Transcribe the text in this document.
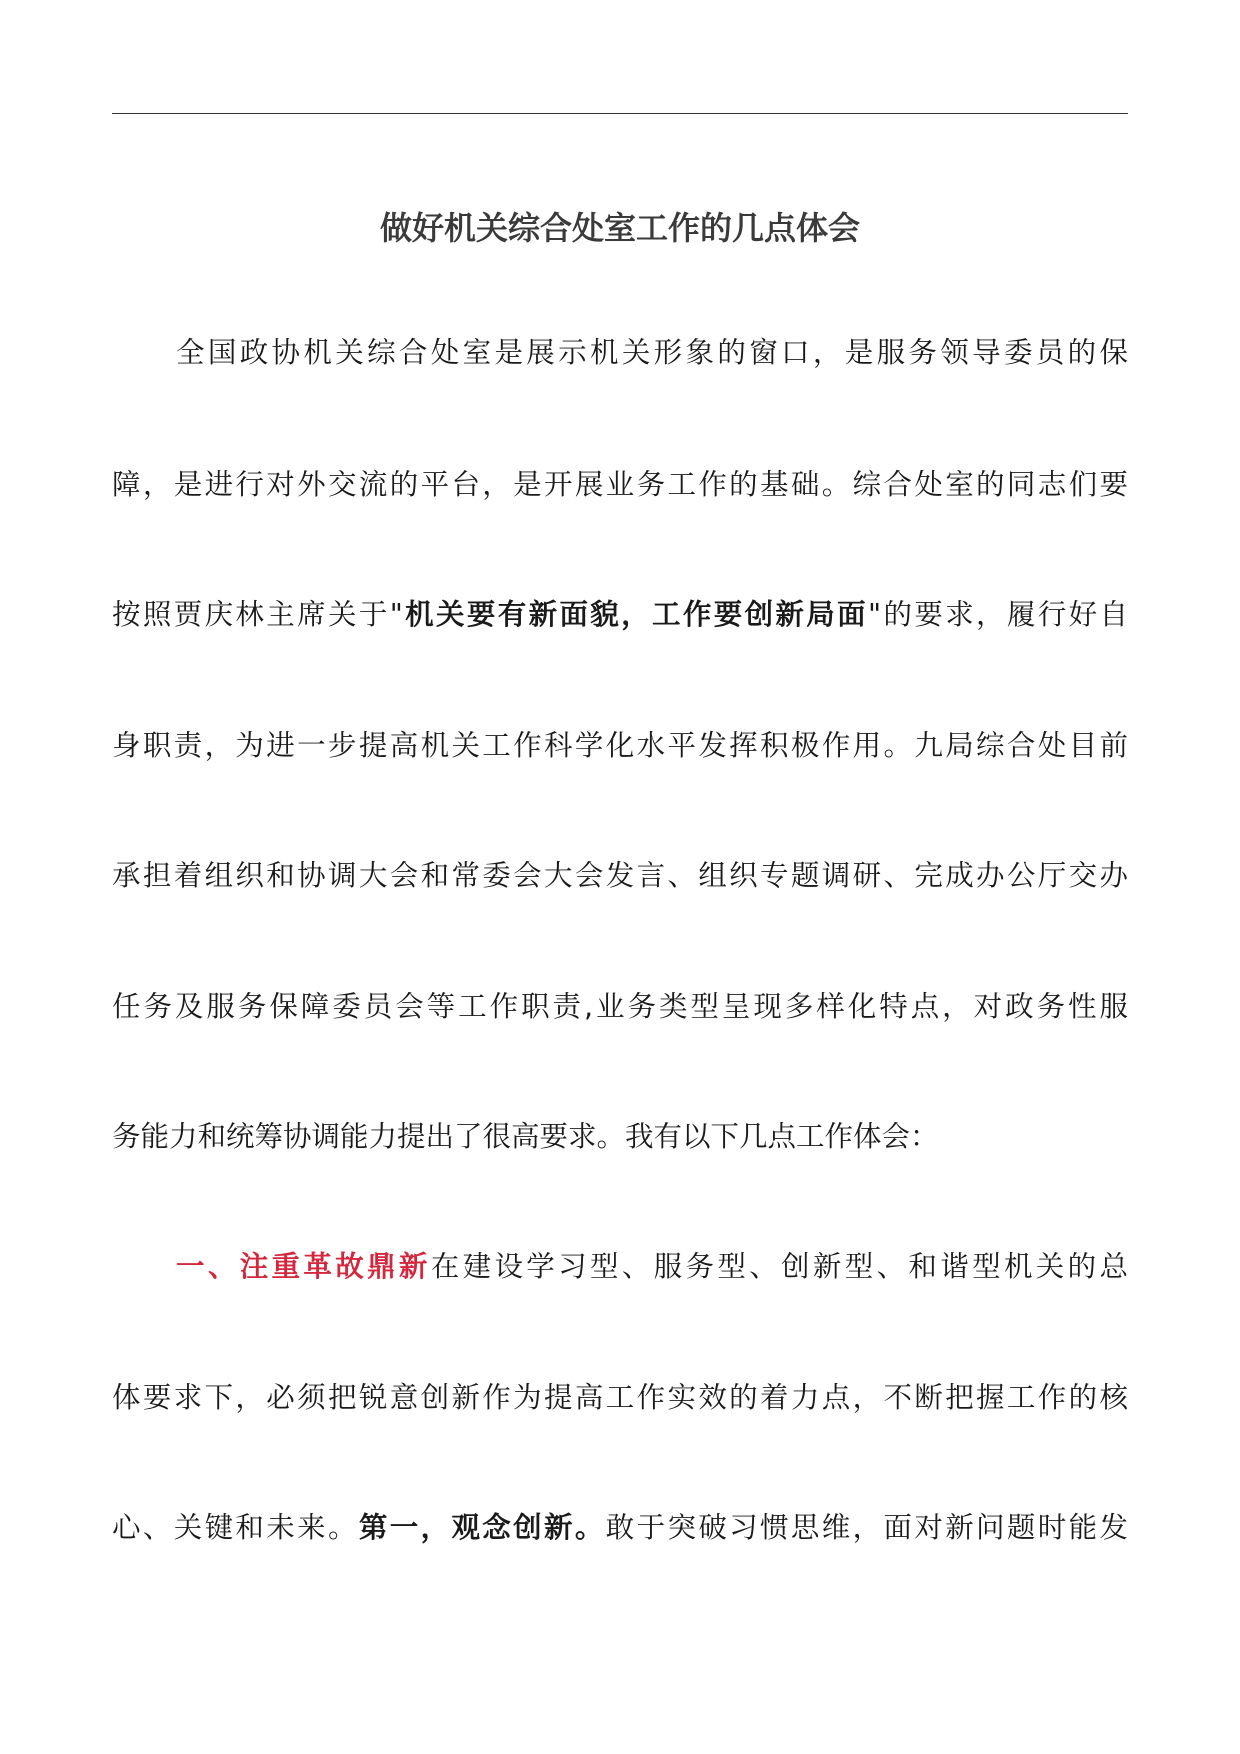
做好机关综合处室工作的几点体会
全国政协机关综合处室是展示机关形象的窗口，是服务领导委员的保
障，是进行对外交流的平台，是开展业务工作的基础。综合处室的同志们要
按照贾庆林主席关于"机关要有新面貌，工作要创新局面"的要求，履行好自
身职责，为进一步提高机关工作科学化水平发挥积极作用。九局综合处目前
承担着组织和协调大会和常委会大会发言、组织专题调研、完成办公厅交办
任务及服务保障委员会等工作职责,业务类型呈现多样化特点，对政务性服
务能力和统筹协调能力提出了很高要求。我有以下几点工作体会：
一、注重革故鼎新在建设学习型、服务型、创新型、和谐型机关的总
体要求下，必须把锐意创新作为提高工作实效的着力点，不断把握工作的核
心、关键和未来。第一，观念创新。敢于突破习惯思维，面对新问题时能发
